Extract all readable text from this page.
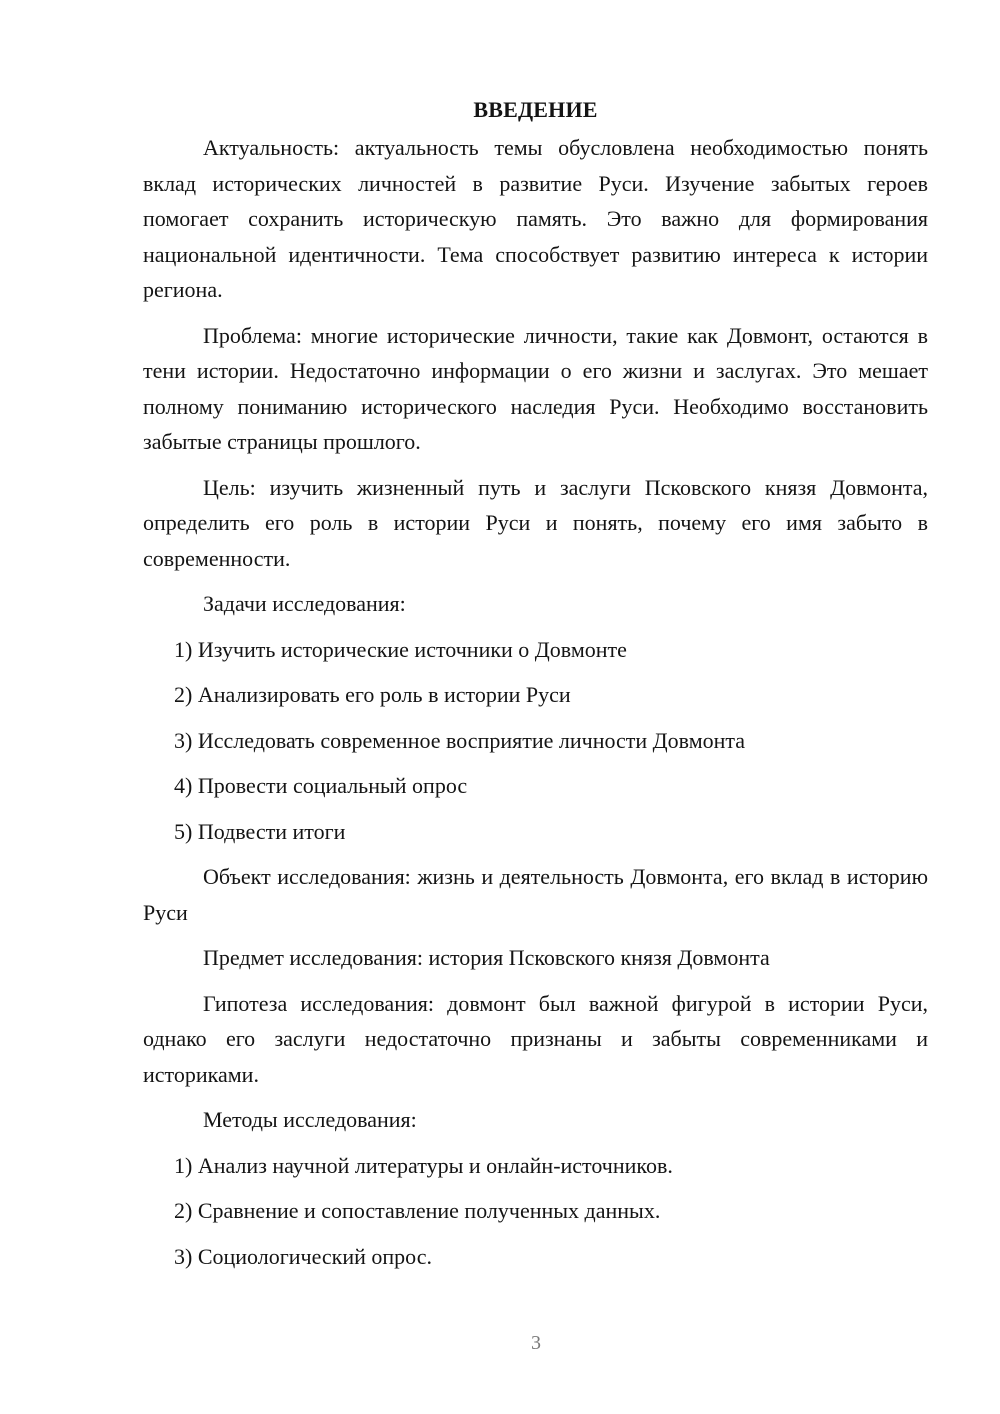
ВВЕДЕНИЕ

Актуальность: актуальность темы обусловлена необходимостью понять вклад исторических личностей в развитие Руси. Изучение забытых героев помогает сохранить историческую память. Это важно для формирования национальной идентичности. Тема способствует развитию интереса к истории региона.

Проблема: многие исторические личности, такие как Довмонт, остаются в тени истории. Недостаточно информации о его жизни и заслугах. Это мешает полному пониманию исторического наследия Руси. Необходимо восстановить забытые страницы прошлого.

Цель: изучить жизненный путь и заслуги Псковского князя Довмонта, определить его роль в истории Руси и понять, почему его имя забыто в современности.

Задачи исследования:

1) Изучить исторические источники о Довмонте

2) Анализировать его роль в истории Руси

3) Исследовать современное восприятие личности Довмонта

4) Провести социальный опрос

5) Подвести итоги

Объект исследования: жизнь и деятельность Довмонта, его вклад в историю Руси

Предмет исследования: история Псковского князя Довмонта

Гипотеза исследования: довмонт был важной фигурой в истории Руси, однако его заслуги недостаточно признаны и забыты современниками и историками.

Методы исследования:

1) Анализ научной литературы и онлайн-источников.

2) Сравнение и сопоставление полученных данных.

3) Социологический опрос.

3
